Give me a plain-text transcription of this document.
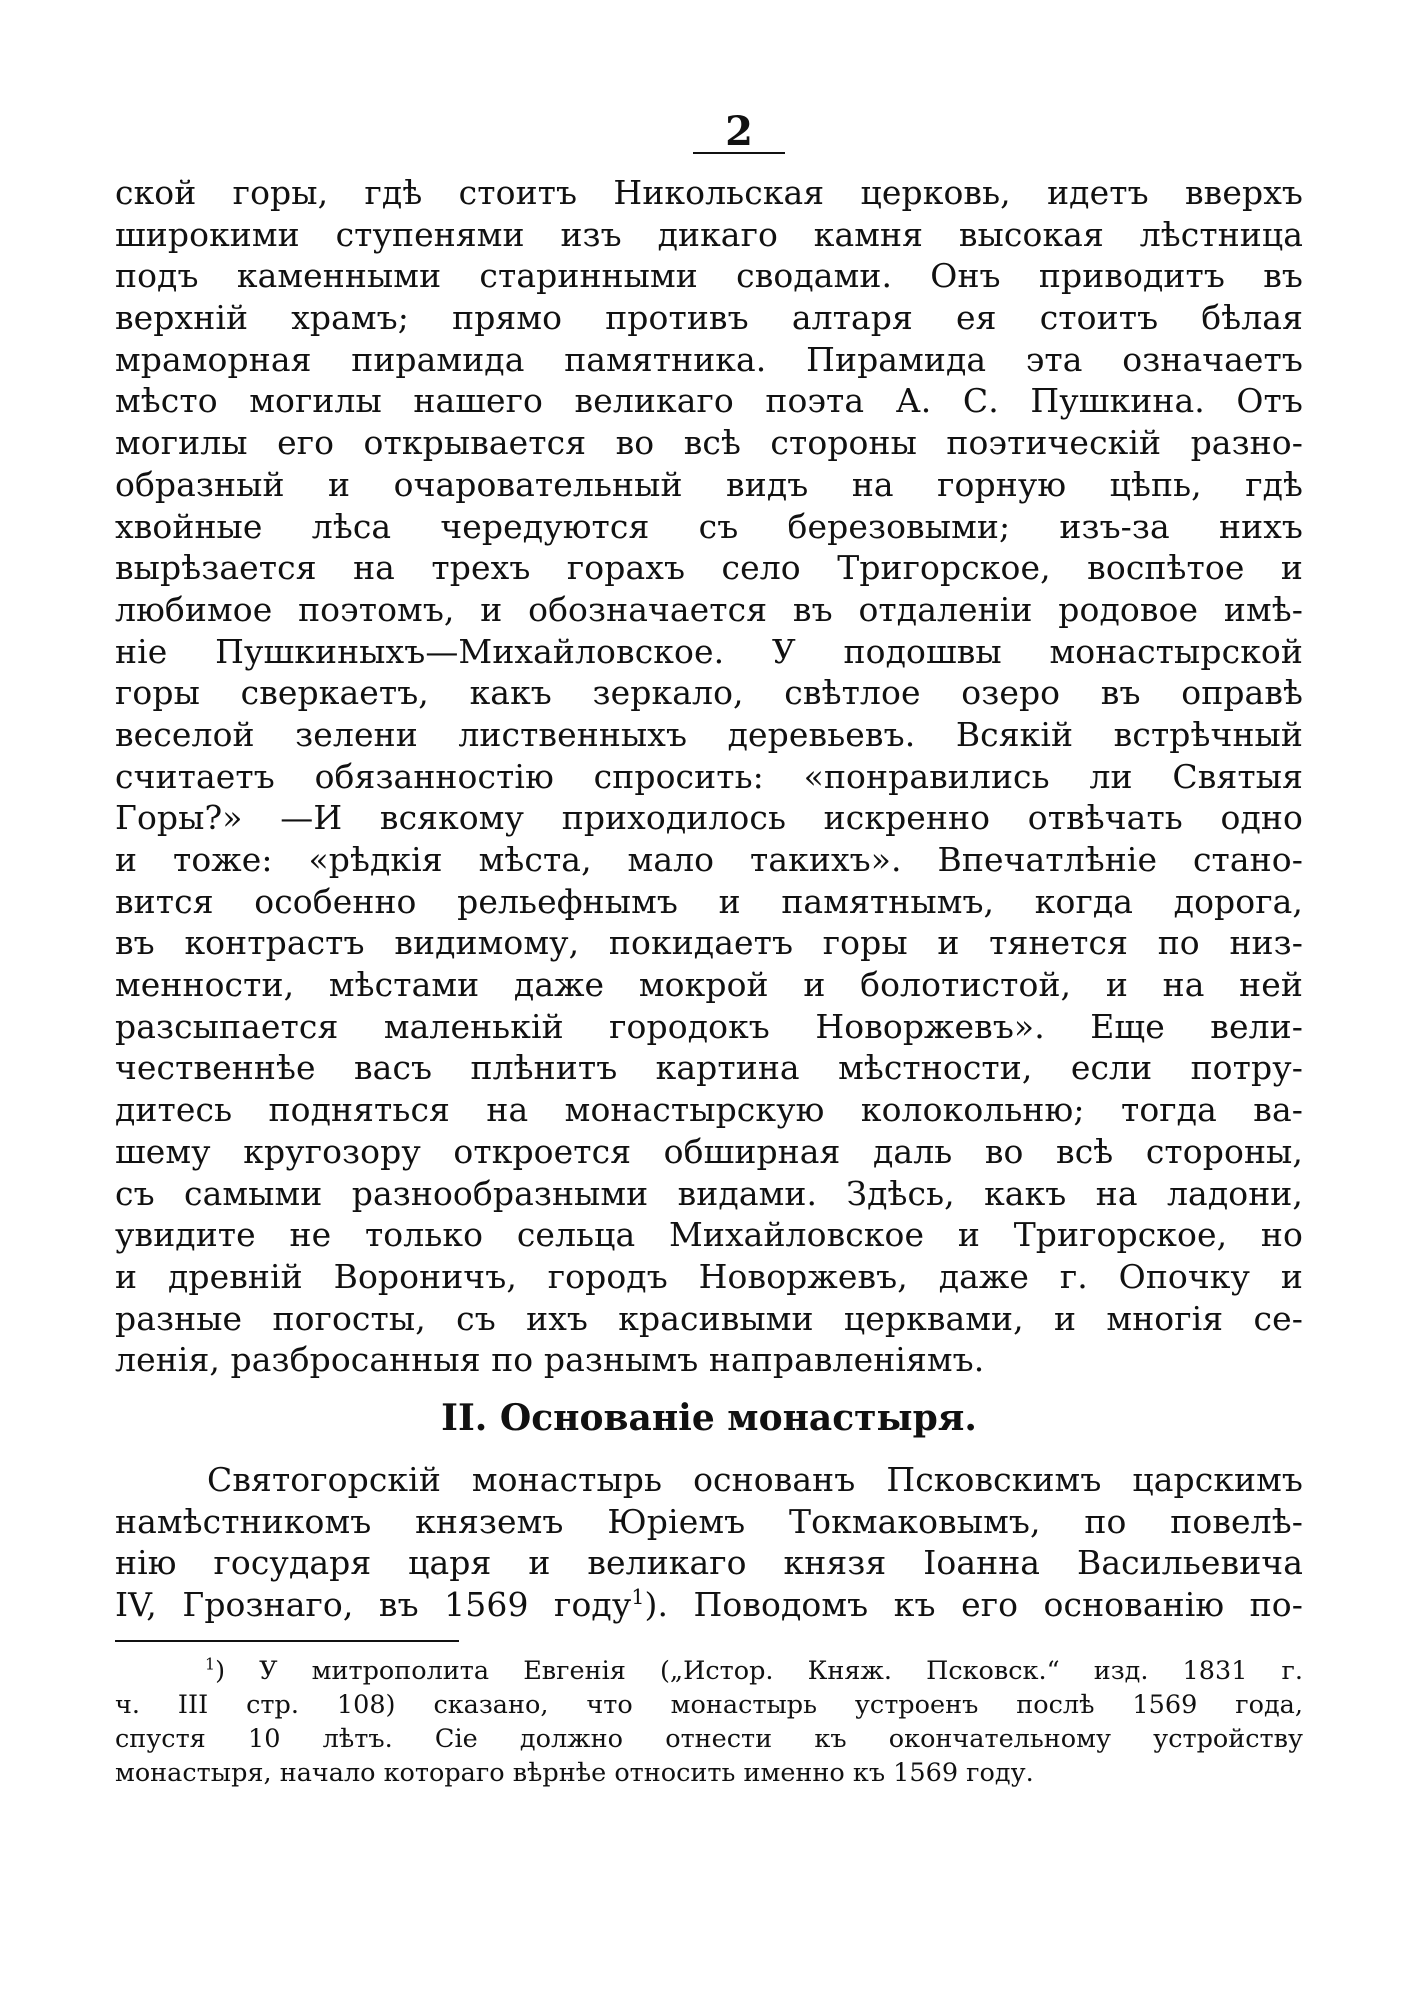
2
ской горы, гдѣ стоитъ Никольская церковь, идетъ вверхъ
широкими ступенями изъ дикаго камня высокая лѣстница
подъ каменными старинными сводами. Онъ приводитъ въ
верхній храмъ; прямо противъ алтаря ея стоитъ бѣлая
мраморная пирамида памятника. Пирамида эта означаетъ
мѣсто могилы нашего великаго поэта А. С. Пушкина. Отъ
могилы его открывается во всѣ стороны поэтическій разно-
образный и очаровательный видъ на горную цѣпь, гдѣ
хвойные лѣса чередуются съ березовыми; изъ-за нихъ
вырѣзается на трехъ горахъ село Тригорское, воспѣтое и
любимое поэтомъ, и обозначается въ отдаленіи родовое имѣ-
ніе Пушкиныхъ—Михайловское. У подошвы монастырской
горы сверкаетъ, какъ зеркало, свѣтлое озеро въ оправѣ
веселой зелени лиственныхъ деревьевъ. Всякій встрѣчный
считаетъ обязанностію спросить: «понравились ли Святыя
Горы?» —И всякому приходилось искренно отвѣчать одно
и тоже: «рѣдкія мѣста, мало такихъ». Впечатлѣніе стано-
вится особенно рельефнымъ и памятнымъ, когда дорога,
въ контрастъ видимому, покидаетъ горы и тянется по низ-
менности, мѣстами даже мокрой и болотистой, и на ней
разсыпается маленькій городокъ Новоржевъ». Еще вели-
чественнѣе васъ плѣнитъ картина мѣстности, если потру-
дитесь подняться на монастырскую колокольню; тогда ва-
шему кругозору откроется обширная даль во всѣ стороны,
съ самыми разнообразными видами. Здѣсь, какъ на ладони,
увидите не только сельца Михайловское и Тригорское, но
и древній Вороничъ, городъ Новоржевъ, даже г. Опочку и
разные погосты, съ ихъ красивыми церквами, и многія се-
ленія, разбросанныя по разнымъ направленіямъ.
II. Основаніе монастыря.
Святогорскій монастырь основанъ Псковскимъ царскимъ
намѣстникомъ княземъ Юріемъ Токмаковымъ, по повелѣ-
нію государя царя и великаго князя Іоанна Васильевича
IV, Грознаго, въ 1569 году$^1$). Поводомъ къ его основанію по-
$^1$) У митрополита Евгенія („Истор. Княж. Псковск.“ изд. 1831 г.
ч. III стр. 108) сказано, что монастырь устроенъ послѣ 1569 года,
спустя 10 лѣтъ. Сіе должно отнести къ окончательному устройству
монастыря, начало котораго вѣрнѣе относить именно къ 1569 году.
